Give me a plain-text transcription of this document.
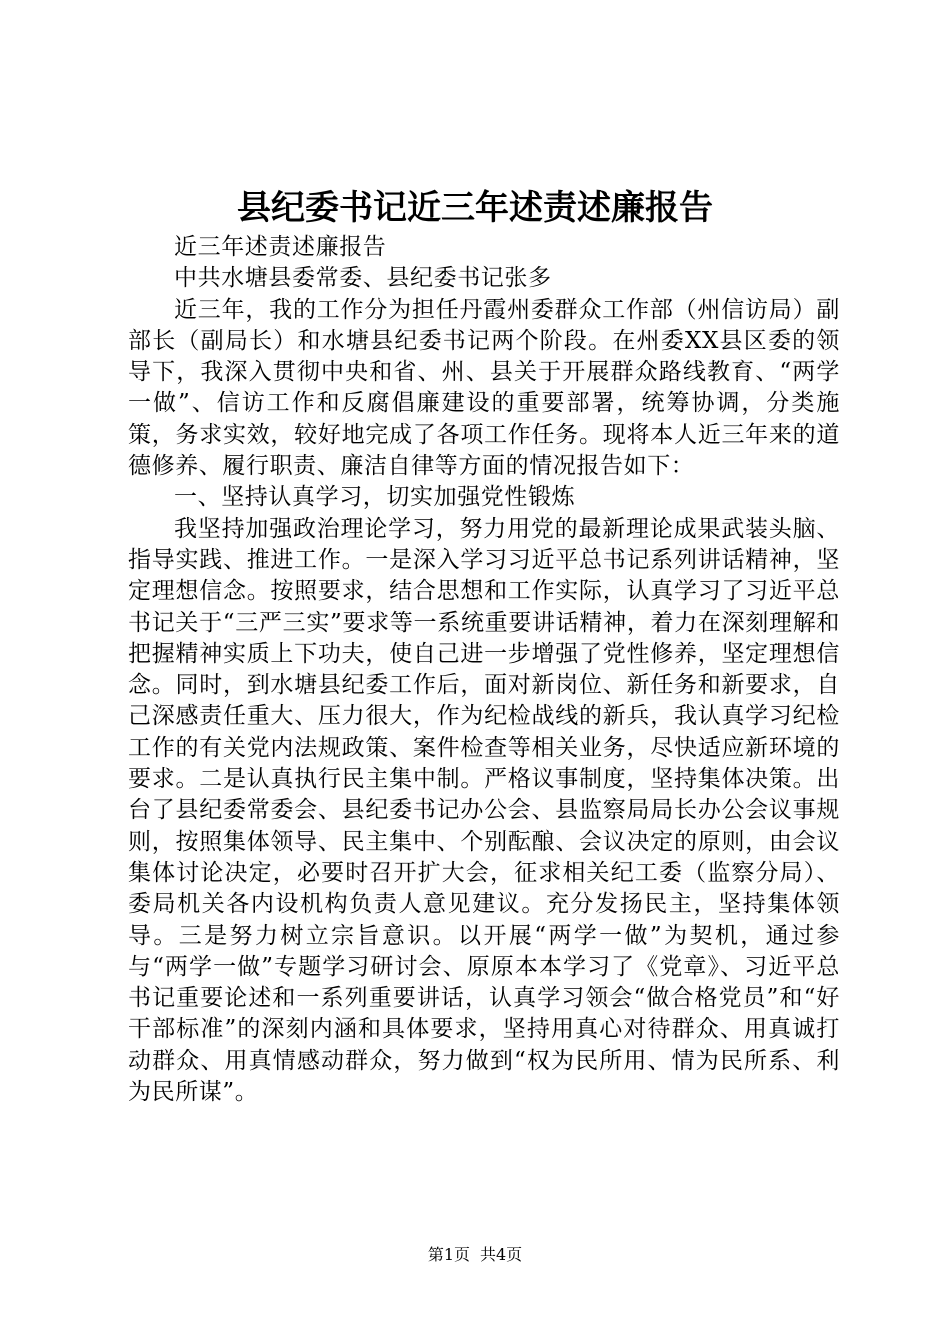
县纪委书记近三年述责述廉报告

近三年述责述廉报告

中共水塘县委常委、县纪委书记张多

近三年，我的工作分为担任丹霞州委群众工作部（州信访局）副部长（副局长）和水塘县纪委书记两个阶段。在州委XX县区委的领导下，我深入贯彻中央和省、州、县关于开展群众路线教育、“两学一做”、信访工作和反腐倡廉建设的重要部署，统筹协调，分类施策，务求实效，较好地完成了各项工作任务。现将本人近三年来的道德修养、履行职责、廉洁自律等方面的情况报告如下：

一、坚持认真学习，切实加强党性锻炼

我坚持加强政治理论学习，努力用党的最新理论成果武装头脑、指导实践、推进工作。一是深入学习习近平总书记系列讲话精神，坚定理想信念。按照要求，结合思想和工作实际，认真学习了习近平总书记关于“三严三实”要求等一系统重要讲话精神，着力在深刻理解和把握精神实质上下功夫，使自己进一步增强了党性修养，坚定理想信念。同时，到水塘县纪委工作后，面对新岗位、新任务和新要求，自己深感责任重大、压力很大，作为纪检战线的新兵，我认真学习纪检工作的有关党内法规政策、案件检查等相关业务，尽快适应新环境的要求。二是认真执行民主集中制。严格议事制度，坚持集体决策。出台了县纪委常委会、县纪委书记办公会、县监察局局长办公会议事规则，按照集体领导、民主集中、个别酝酿、会议决定的原则，由会议集体讨论决定，必要时召开扩大会，征求相关纪工委（监察分局）、委局机关各内设机构负责人意见建议。充分发扬民主，坚持集体领导。三是努力树立宗旨意识。以开展“两学一做”为契机，通过参与“两学一做”专题学习研讨会、原原本本学习了《党章》、习近平总书记重要论述和一系列重要讲话，认真学习领会“做合格党员”和“好干部标准”的深刻内涵和具体要求，坚持用真心对待群众、用真诚打动群众、用真情感动群众，努力做到“权为民所用、情为民所系、利为民所谋”。

第1页 共4页
